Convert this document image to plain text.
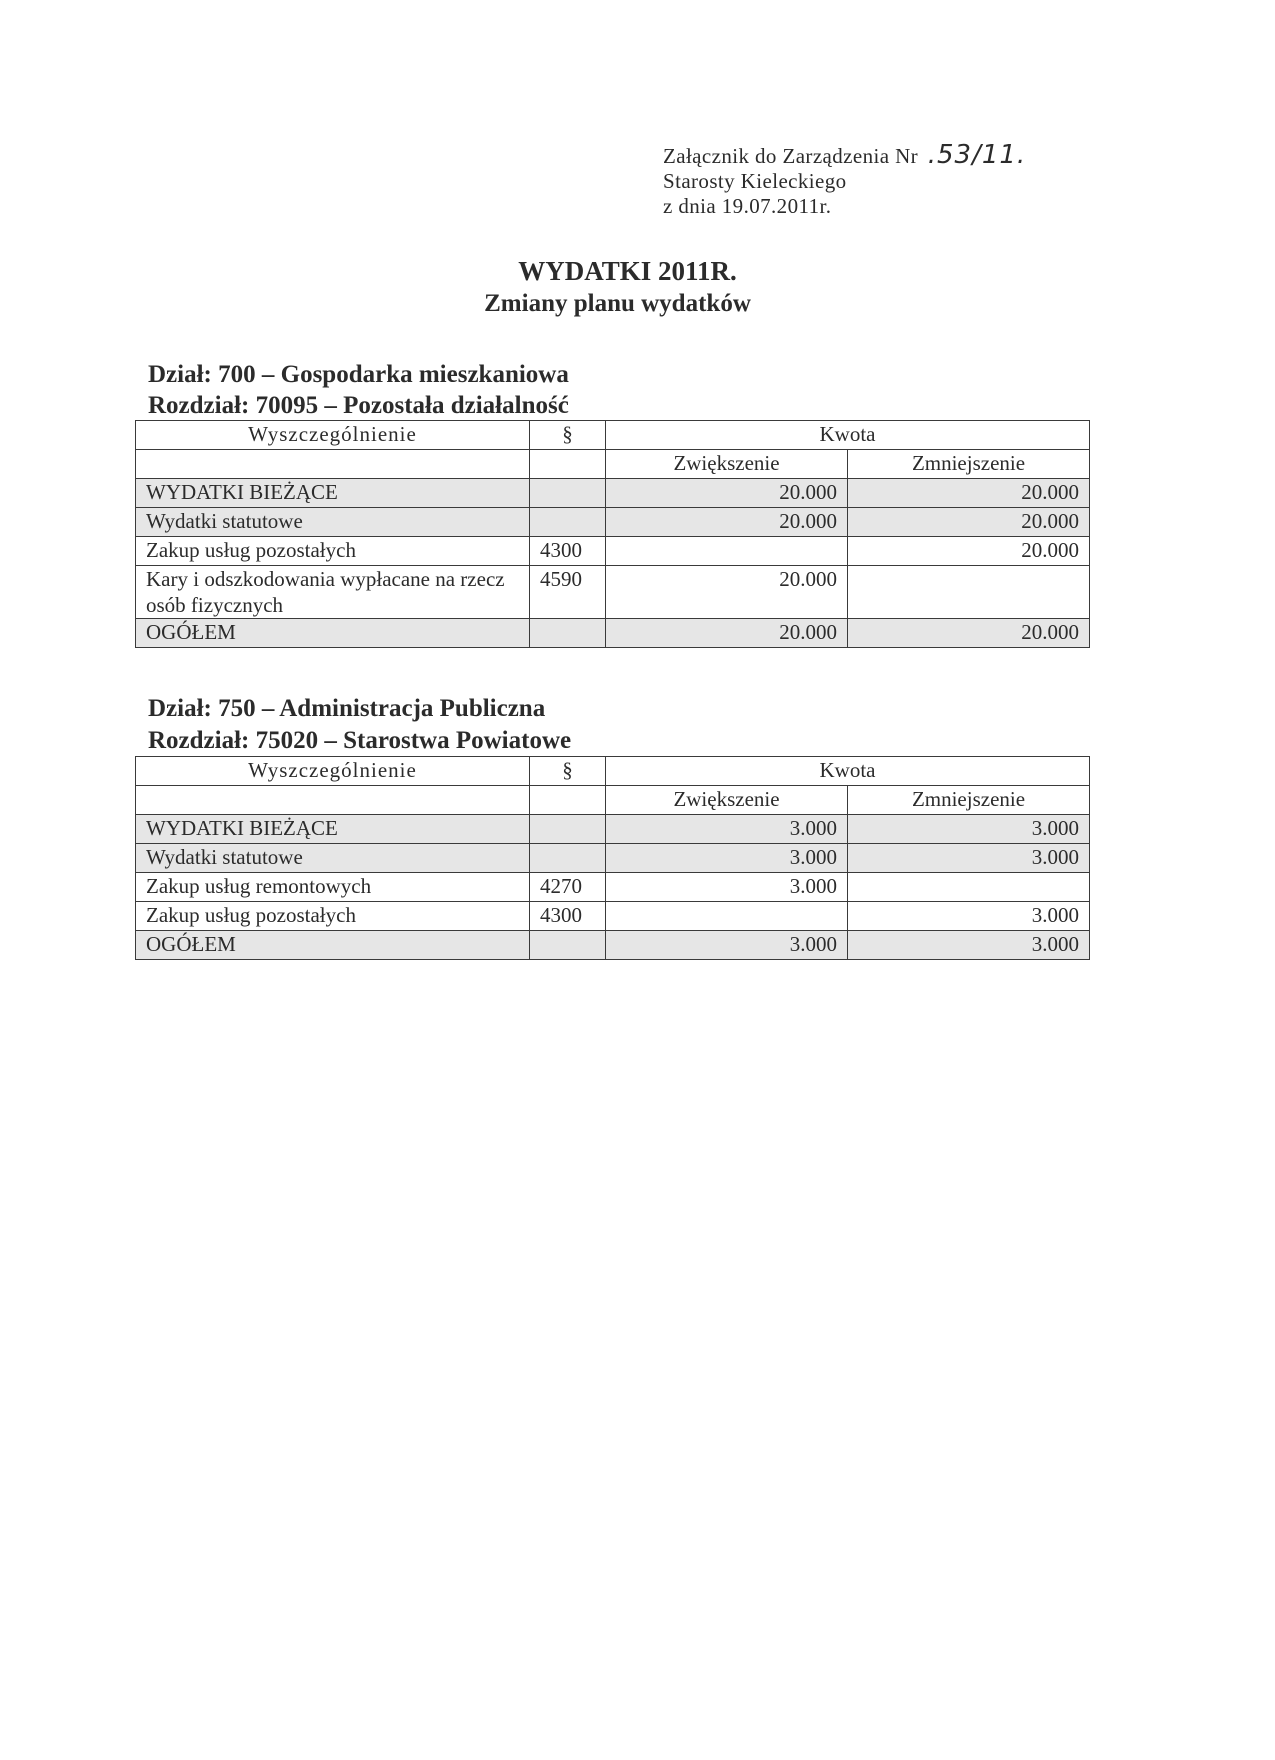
Załącznik do Zarządzenia Nr .53/11.
Starosty Kieleckiego
z dnia 19.07.2011r.
WYDATKI 2011R.
Zmiany planu wydatków
Dział: 700 – Gospodarka mieszkaniowa
Rozdział: 70095 – Pozostała działalność
Wyszczególnienie	§	Kwota	
		Zwiększenie	Zmniejszenie
WYDATKI BIEŻĄCE		20.000	20.000
Wydatki statutowe		20.000	20.000
Zakup usług pozostałych	4300		20.000
Kary i odszkodowania wypłacane na rzecz osób fizycznych	4590	20.000	
OGÓŁEM		20.000	20.000
Dział: 750 – Administracja Publiczna
Rozdział: 75020 – Starostwa Powiatowe
Wyszczególnienie	§	Kwota	
		Zwiększenie	Zmniejszenie
WYDATKI BIEŻĄCE		3.000	3.000
Wydatki statutowe		3.000	3.000
Zakup usług remontowych	4270	3.000	
Zakup usług pozostałych	4300		3.000
OGÓŁEM		3.000	3.000
